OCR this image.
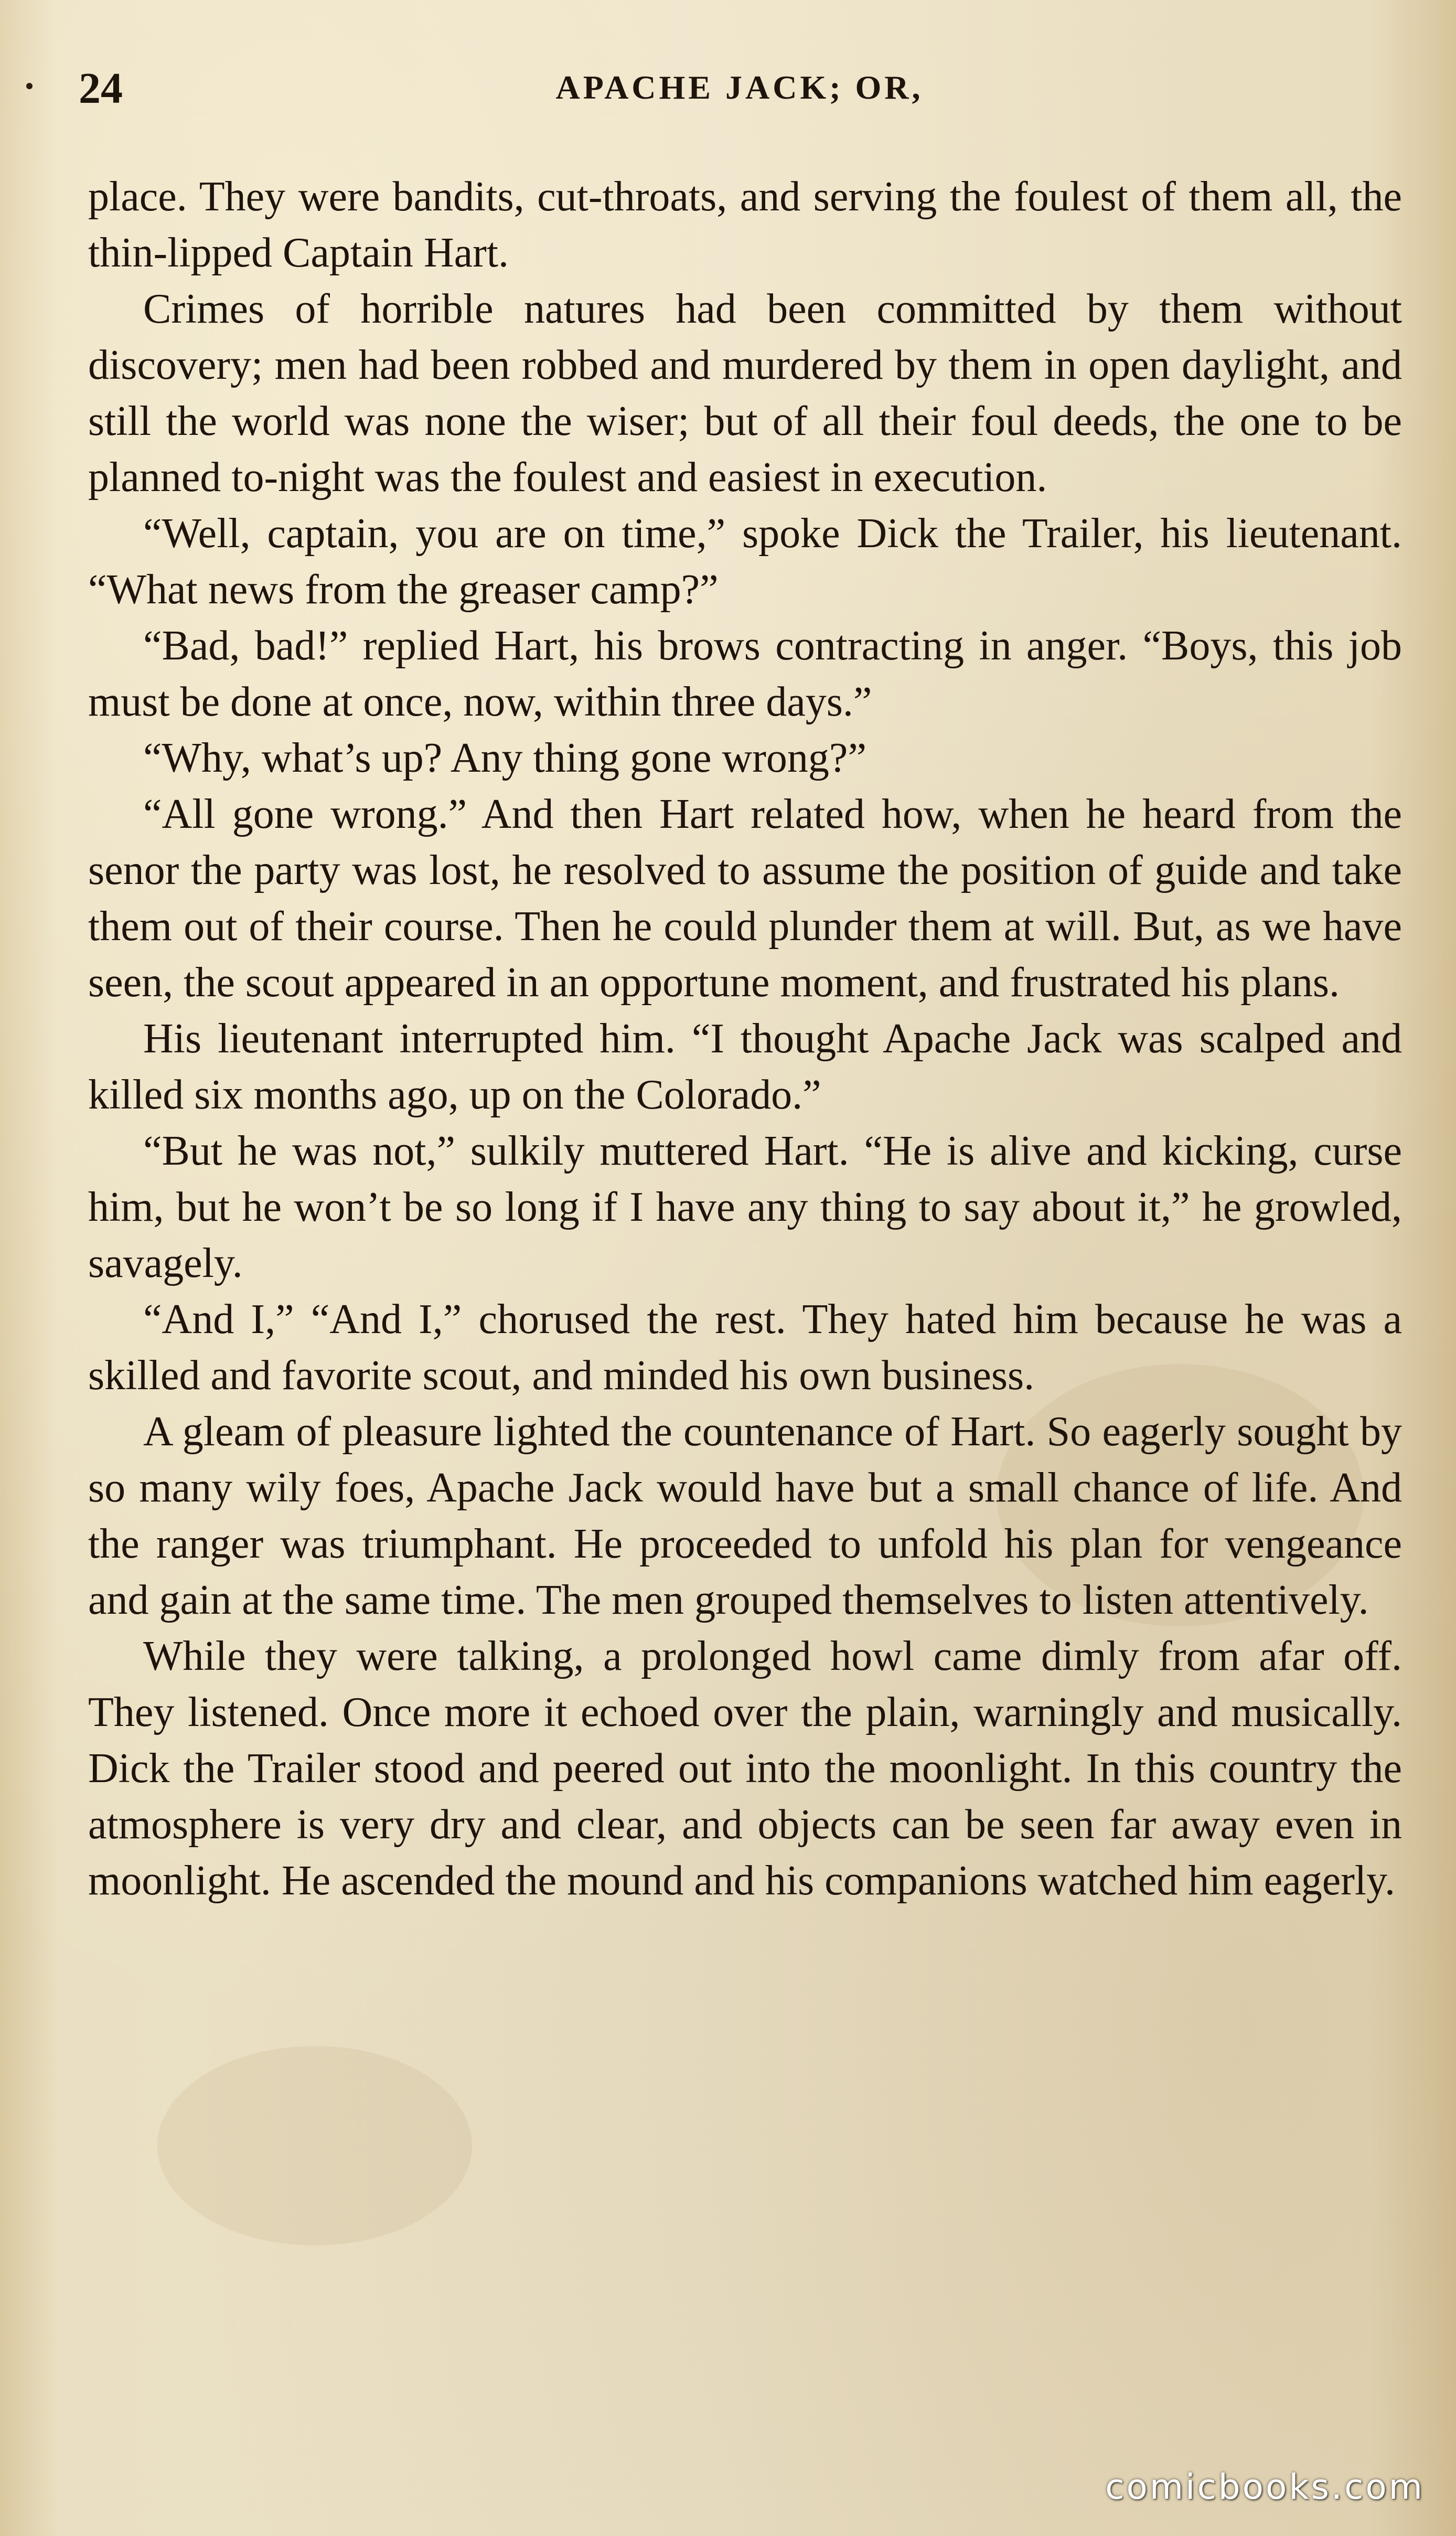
24	APACHE JACK; OR,

place. They were bandits, cut-throats, and serving the foulest of them all, the thin-lipped Captain Hart.

Crimes of horrible natures had been committed by them without discovery; men had been robbed and murdered by them in open daylight, and still the world was none the wiser; but of all their foul deeds, the one to be planned to-night was the foulest and easiest in execution.

“Well, captain, you are on time,” spoke Dick the Trailer, his lieutenant. “What news from the greaser camp?”

“Bad, bad!” replied Hart, his brows contracting in anger. “Boys, this job must be done at once, now, within three days.”

“Why, what’s up? Any thing gone wrong?”

“All gone wrong.” And then Hart related how, when he heard from the senor the party was lost, he resolved to assume the position of guide and take them out of their course. Then he could plunder them at will. But, as we have seen, the scout appeared in an opportune moment, and frustrated his plans.

His lieutenant interrupted him. “I thought Apache Jack was scalped and killed six months ago, up on the Colorado.”

“But he was not,” sulkily muttered Hart. “He is alive and kicking, curse him, but he won’t be so long if I have any thing to say about it,” he growled, savagely.

“And I,” “And I,” chorused the rest. They hated him because he was a skilled and favorite scout, and minded his own business.

A gleam of pleasure lighted the countenance of Hart. So eagerly sought by so many wily foes, Apache Jack would have but a small chance of life. And the ranger was triumphant. He proceeded to unfold his plan for vengeance and gain at the same time. The men grouped themselves to listen attentively.

While they were talking, a prolonged howl came dimly from afar off. They listened. Once more it echoed over the plain, warningly and musically. Dick the Trailer stood and peered out into the moonlight. In this country the atmosphere is very dry and clear, and objects can be seen far away even in moonlight. He ascended the mound and his companions watched him eagerly.

comicbooks.com
